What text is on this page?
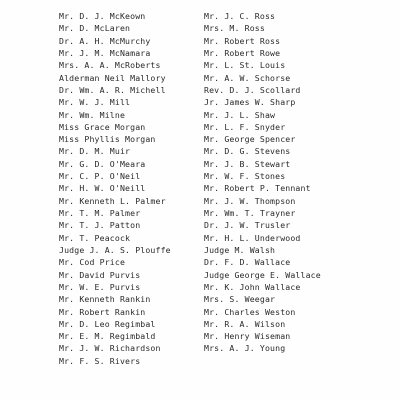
Mr. D. J. McKeown
Mr. D. McLaren
Dr. A. H. McMurchy
Mr. J. M. McNamara
Mrs. A. A. McRoberts
Alderman Neil Mallory
Dr. Wm. A. R. Michell
Mr. W. J. Mill
Mr. Wm. Milne
Miss Grace Morgan
Miss Phyllis Morgan
Mr. D. M. Muir
Mr. G. D. O'Meara
Mr. C. P. O'Neil
Mr. H. W. O'Neill
Mr. Kenneth L. Palmer
Mr. T. M. Palmer
Mr. T. J. Patton
Mr. T. Peacock
Judge J. A. S. Plouffe
Mr. Cod Price
Mr. David Purvis
Mr. W. E. Purvis
Mr. Kenneth Rankin
Mr. Robert Rankin
Mr. D. Leo Regimbal
Mr. E. M. Regimbald
Mr. J. W. Richardson
Mr. F. S. Rivers
Mr. J. C. Ross
Mrs. M. Ross
Mr. Robert Ross
Mr. Robert Rowe
Mr. L. St. Louis
Mr. A. W. Schorse
Rev. D. J. Scollard
Jr. James W. Sharp
Mr. J. L. Shaw
Mr. L. F. Snyder
Mr. George Spencer
Mr. D. G. Stevens
Mr. J. B. Stewart
Mr. W. F. Stones
Mr. Robert P. Tennant
Mr. J. W. Thompson
Mr. Wm. T. Trayner
Dr. J. W. Trusler
Mr. H. L. Underwood
Judge M. Walsh
Dr. F. D. Wallace
Judge George E. Wallace
Mr. K. John Wallace
Mrs. S. Weegar
Mr. Charles Weston
Mr. R. A. Wilson
Mr. Henry Wiseman
Mrs. A. J. Young
